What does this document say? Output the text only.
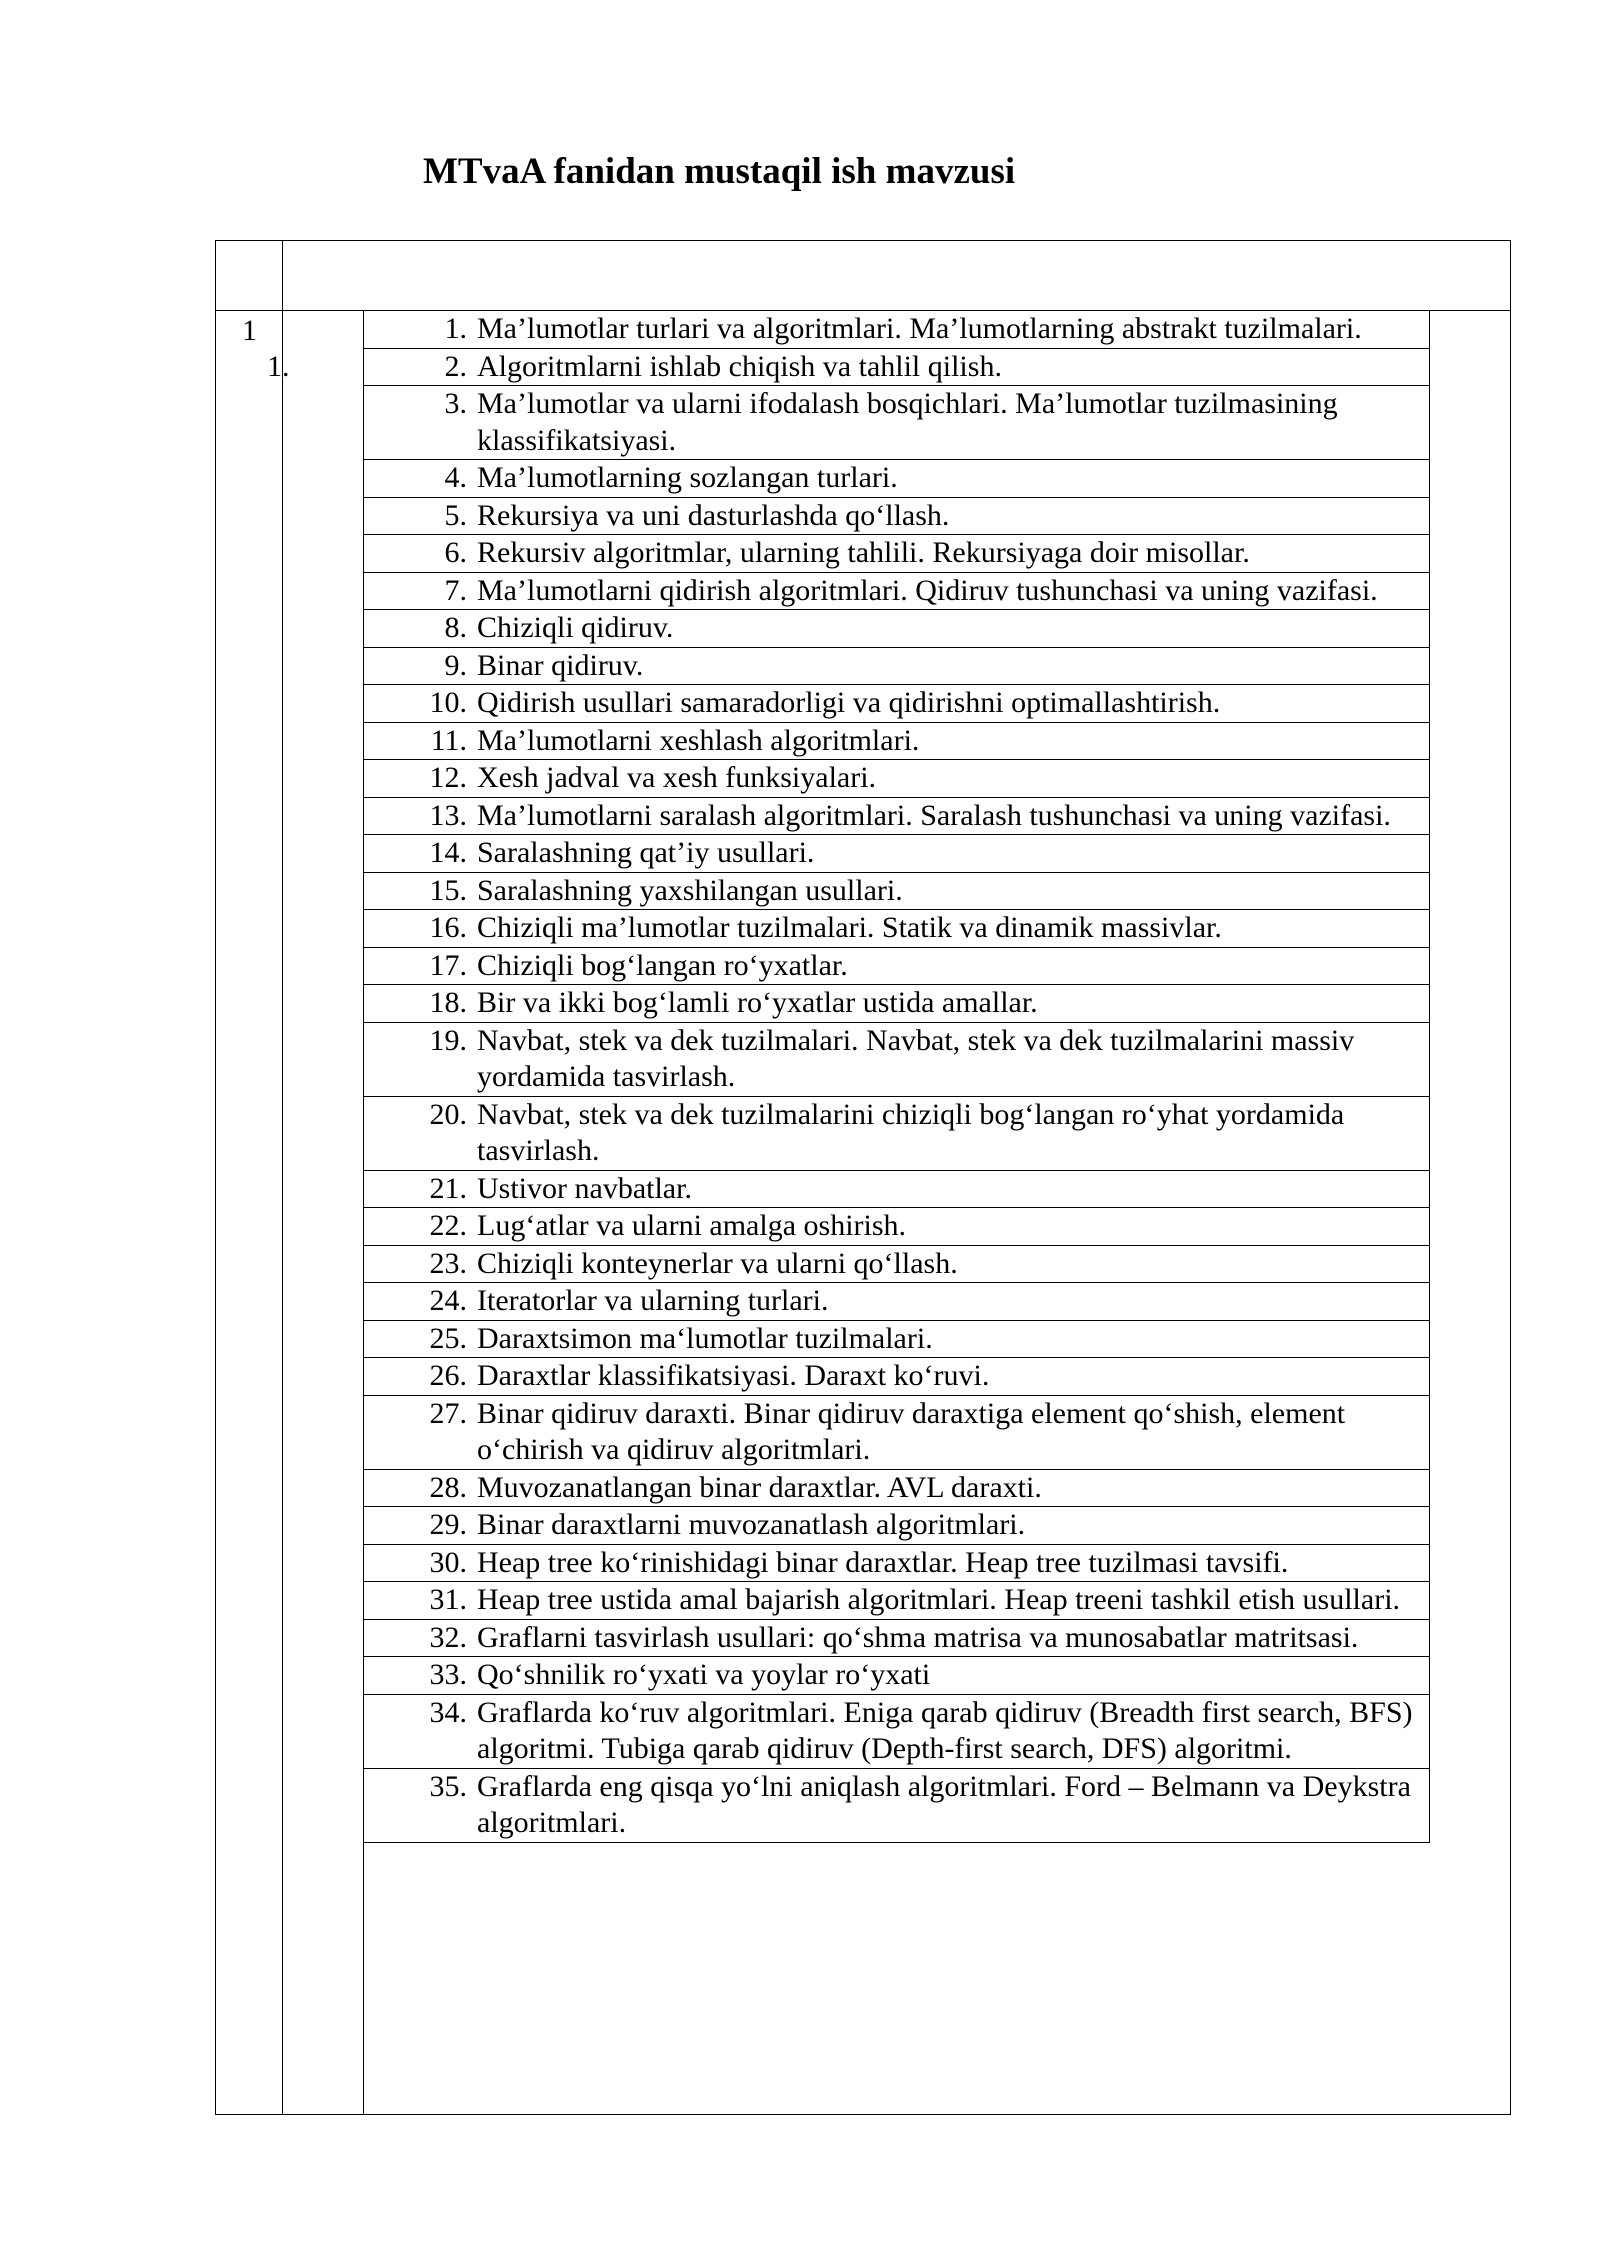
MTvaA fanidan mustaqil ish mavzusi
1
1.
1. Ma’lumotlar turlari va algoritmlari. Ma’lumotlarning abstrakt tuzilmalari.
2. Algoritmlarni ishlab chiqish va tahlil qilish.
3. Ma’lumotlar va ularni ifodalash bosqichlari. Ma’lumotlar tuzilmasining klassifikatsiyasi.
4. Ma’lumotlarning sozlangan turlari.
5. Rekursiya va uni dasturlashda qo‘llash.
6. Rekursiv algoritmlar, ularning tahlili. Rekursiyaga doir misollar.
7. Ma’lumotlarni qidirish algoritmlari. Qidiruv tushunchasi va uning vazifasi.
8. Chiziqli qidiruv.
9. Binar qidiruv.
10. Qidirish usullari samaradorligi va qidirishni optimallashtirish.
11. Ma’lumotlarni xeshlash algoritmlari.
12. Xesh jadval va xesh funksiyalari.
13. Ma’lumotlarni saralash algoritmlari. Saralash tushunchasi va uning vazifasi.
14. Saralashning qat’iy usullari.
15. Saralashning yaxshilangan usullari.
16. Chiziqli ma’lumotlar tuzilmalari. Statik va dinamik massivlar.
17. Chiziqli bog‘langan ro‘yxatlar.
18. Bir va ikki bog‘lamli ro‘yxatlar ustida amallar.
19. Navbat, stek va dek tuzilmalari. Navbat, stek va dek tuzilmalarini massiv yordamida tasvirlash.
20. Navbat, stek va dek tuzilmalarini chiziqli bog‘langan ro‘yhat yordamida tasvirlash.
21. Ustivor navbatlar.
22. Lug‘atlar va ularni amalga oshirish.
23. Chiziqli konteynerlar va ularni qo‘llash.
24. Iteratorlar va ularning turlari.
25. Daraxtsimon ma‘lumotlar tuzilmalari.
26. Daraxtlar klassifikatsiyasi. Daraxt ko‘ruvi.
27. Binar qidiruv daraxti. Binar qidiruv daraxtiga element qo‘shish, element o‘chirish va qidiruv algoritmlari.
28. Muvozanatlangan binar daraxtlar. AVL daraxti.
29. Binar daraxtlarni muvozanatlash algoritmlari.
30. Heap tree ko‘rinishidagi binar daraxtlar. Heap tree tuzilmasi tavsifi.
31. Heap tree ustida amal bajarish algoritmlari. Heap treeni tashkil etish usullari.
32. Graflarni tasvirlash usullari: qo‘shma matrisa va munosabatlar matritsasi.
33. Qo‘shnilik ro‘yxati va yoylar ro‘yxati
34. Graflarda ko‘ruv algoritmlari. Eniga qarab qidiruv (Breadth first search, BFS) algoritmi. Tubiga qarab qidiruv (Depth-first search, DFS) algoritmi.
35. Graflarda eng qisqa yo‘lni aniqlash algoritmlari. Ford – Belmann va Deykstra algoritmlari.
